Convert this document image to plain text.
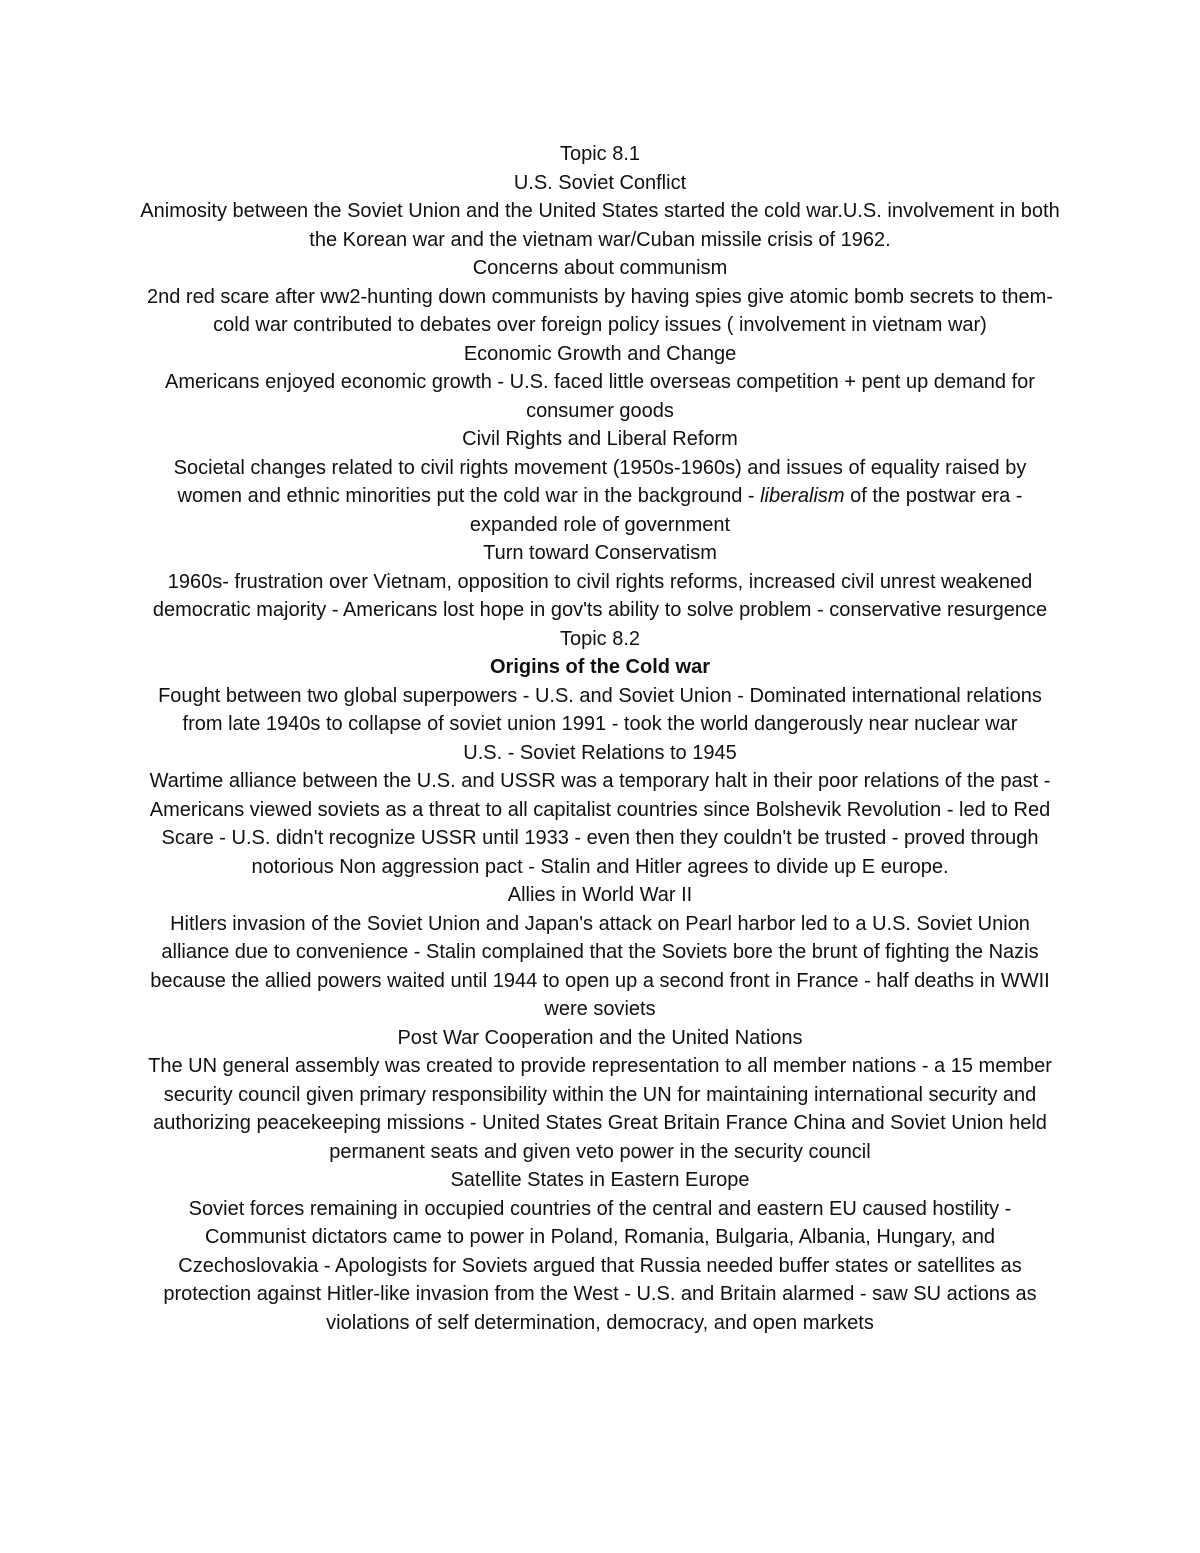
Topic 8.1

U.S. Soviet Conflict

Animosity between the Soviet Union and the United States started the cold war.U.S. involvement in both the Korean war and the vietnam war/Cuban missile crisis of 1962.

Concerns about communism

2nd red scare after ww2-hunting down communists by having spies give atomic bomb secrets to them-cold war contributed to debates over foreign policy issues ( involvement in vietnam war)

Economic Growth and Change

Americans enjoyed economic growth - U.S. faced little overseas competition + pent up demand for consumer goods

Civil Rights and Liberal Reform

Societal changes related to civil rights movement (1950s-1960s) and issues of equality raised by women and ethnic minorities put the cold war in the background - liberalism of the postwar era - expanded role of government

Turn toward Conservatism

1960s- frustration over Vietnam, opposition to civil rights reforms, increased civil unrest weakened democratic majority - Americans lost hope in gov'ts ability to solve problem - conservative resurgence

Topic 8.2

Origins of the Cold war

Fought between two global superpowers - U.S. and Soviet Union - Dominated international relations from late 1940s to collapse of soviet union 1991 - took the world dangerously near nuclear war

U.S. - Soviet Relations to 1945

Wartime alliance between the U.S. and USSR was a temporary halt in their poor relations of the past - Americans viewed soviets as a threat to all capitalist countries since Bolshevik Revolution - led to Red Scare - U.S. didn't recognize USSR until 1933 - even then they couldn't be trusted - proved through notorious Non aggression pact - Stalin and Hitler agrees to divide up E europe.

Allies in World War II

Hitlers invasion of the Soviet Union and Japan's attack on Pearl harbor led to a U.S. Soviet Union alliance due to convenience - Stalin complained that the Soviets bore the brunt of fighting the Nazis because the allied powers waited until 1944 to open up a second front in France - half deaths in WWII were soviets

Post War Cooperation and the United Nations

The UN general assembly was created to provide representation to all member nations - a 15 member security council given primary responsibility within the UN for maintaining international security and authorizing peacekeeping missions - United States Great Britain France China and Soviet Union held permanent seats and given veto power in the security council

Satellite States in Eastern Europe

Soviet forces remaining in occupied countries of the central and eastern EU caused hostility - Communist dictators came to power in Poland, Romania, Bulgaria, Albania, Hungary, and Czechoslovakia - Apologists for Soviets argued that Russia needed buffer states or satellites as protection against Hitler-like invasion from the West - U.S. and Britain alarmed - saw SU actions as violations of self determination, democracy, and open markets
